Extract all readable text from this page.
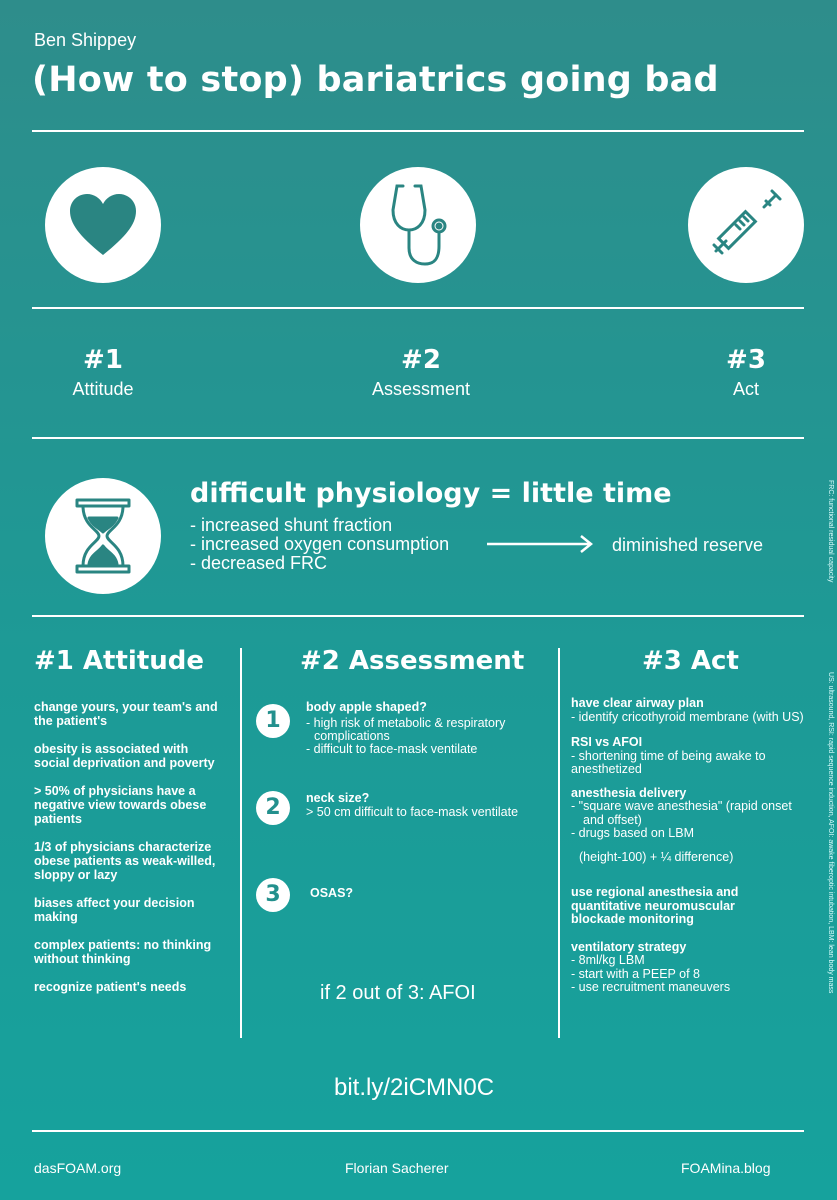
Ben Shippey
(How to stop) bariatrics going bad
#1
Attitude
#2
Assessment
#3
Act
difficult physiology = little time
- increased shunt fraction
- increased oxygen consumption
- decreased FRC
diminished reserve	FRC: functional residual capacity
#1 Attitude

change yours, your team's and the patient's

obesity is associated with social deprivation and poverty

> 50% of physicians have a negative view towards obese patients

1/3 of physicians characterize obese patients as weak-willed, sloppy or lazy

biases affect your decision making

complex patients: no thinking without thinking

recognize patient's needs

#2 Assessment
1
body apple shaped?
- high risk of metabolic & respiratory
complications
- difficult to face-mask ventilate
2	neck size?
> 50 cm difficult to face-mask ventilate
3	OSAS?
if 2 out of 3: AFOI
#3 Act
have clear airway plan
- identify cricothyroid membrane (with US)
RSI vs AFOI
- shortening time of being awake to
anesthetized
anesthesia delivery
- "square wave anesthesia" (rapid onset
and offset)
- drugs based on LBM
(height-100) + ¼ difference)
use regional anesthesia and quantitative neuromuscular blockade monitoring
ventilatory strategy
- 8ml/kg LBM
- start with a PEEP of 8
- use recruitment maneuvers	US: ultrasound, RSI: rapid sequence induction, AFOI: awake fiberoptic intubation, LBM: lean body mass
bit.ly/2iCMN0C
dasFOAM.org	Florian Sacherer	FOAMina.blog
